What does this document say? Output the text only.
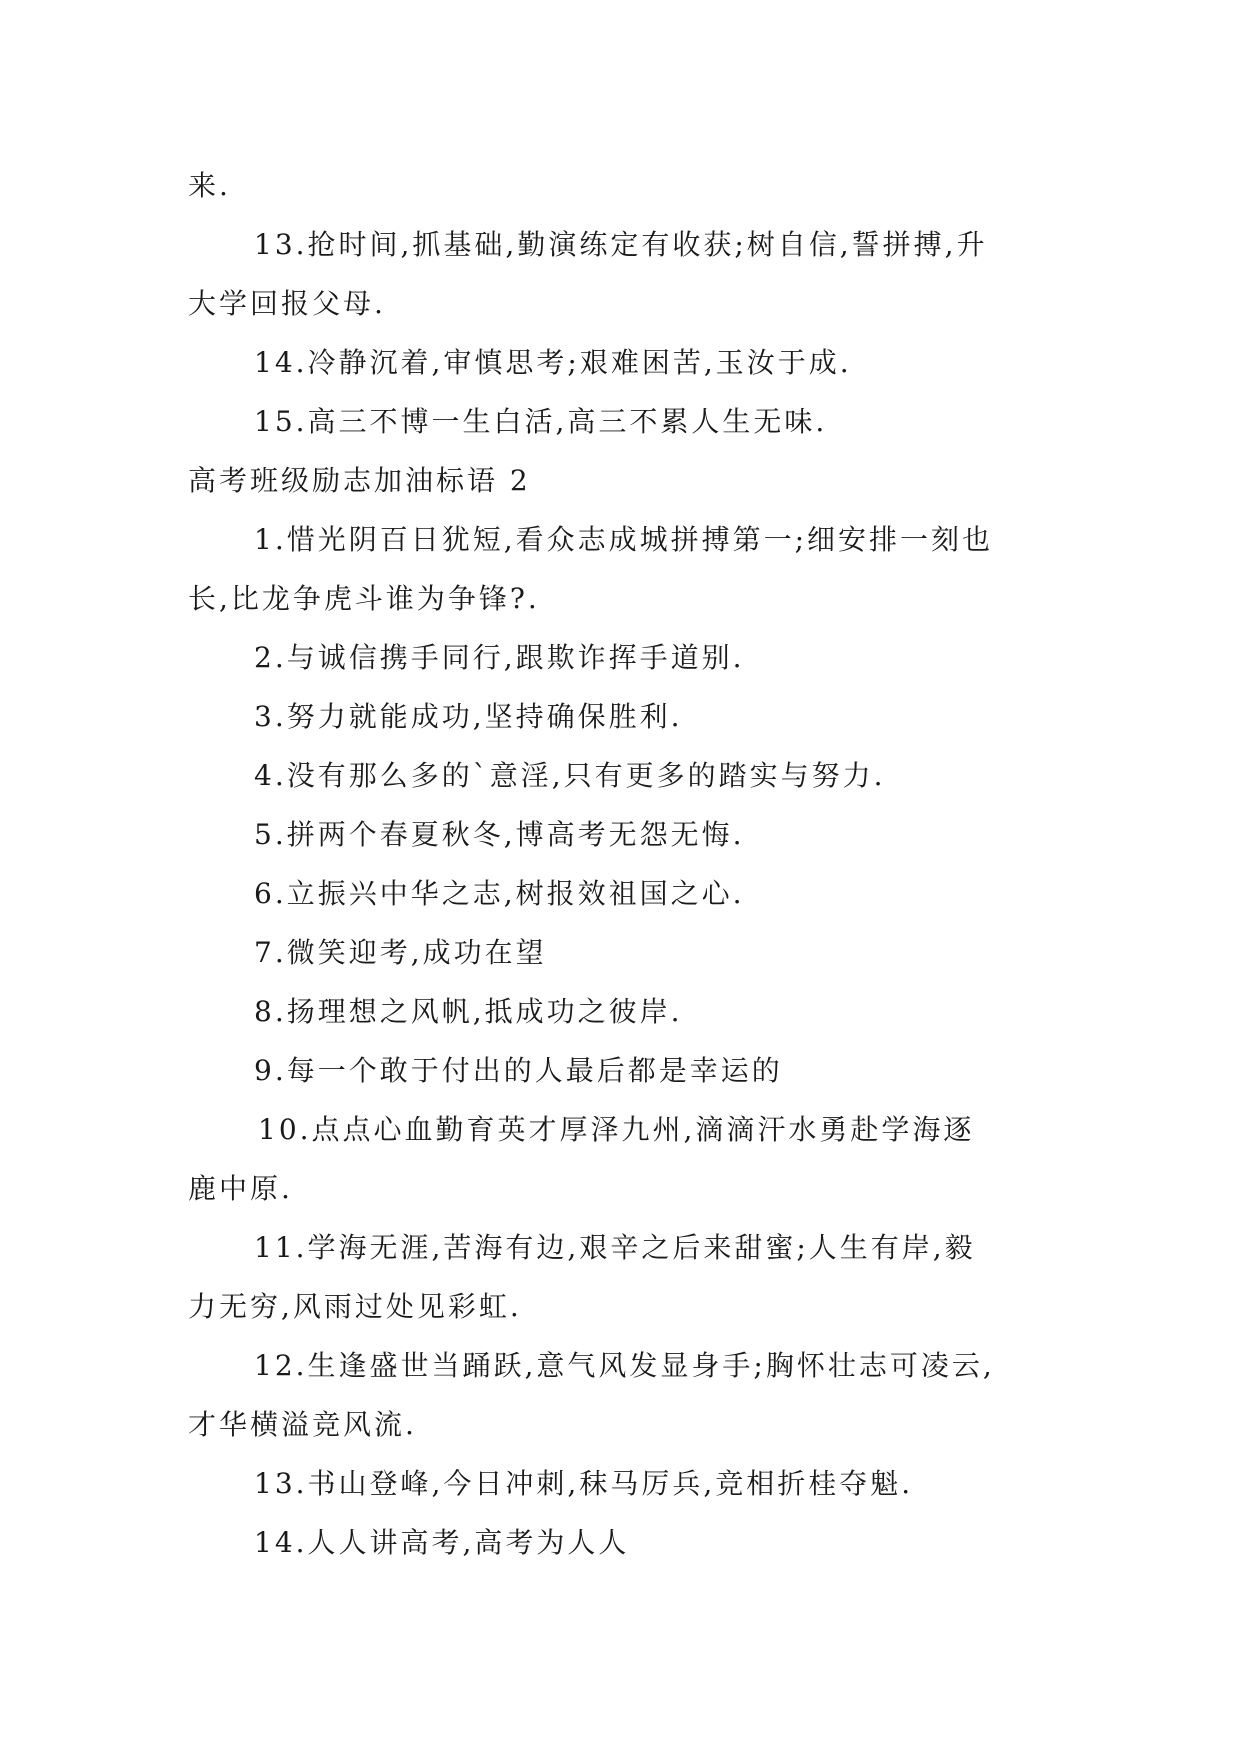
来.
13.抢时间,抓基础,勤演练定有收获;树自信,誓拼搏,升
大学回报父母.
14.冷静沉着,审慎思考;艰难困苦,玉汝于成.
15.高三不博一生白活,高三不累人生无味.
高考班级励志加油标语 2
1.惜光阴百日犹短,看众志成城拼搏第一;细安排一刻也
长,比龙争虎斗谁为争锋?.
2.与诚信携手同行,跟欺诈挥手道别.
3.努力就能成功,坚持确保胜利.
4.没有那么多的`意淫,只有更多的踏实与努力.
5.拼两个春夏秋冬,博高考无怨无悔.
6.立振兴中华之志,树报效祖国之心.
7.微笑迎考,成功在望
8.扬理想之风帆,抵成功之彼岸.
9.每一个敢于付出的人最后都是幸运的
10.点点心血勤育英才厚泽九州,滴滴汗水勇赴学海逐
鹿中原.
11.学海无涯,苦海有边,艰辛之后来甜蜜;人生有岸,毅
力无穷,风雨过处见彩虹.
12.生逢盛世当踊跃,意气风发显身手;胸怀壮志可凌云,
才华横溢竞风流.
13.书山登峰,今日冲刺,秣马厉兵,竞相折桂夺魁.
14.人人讲高考,高考为人人
